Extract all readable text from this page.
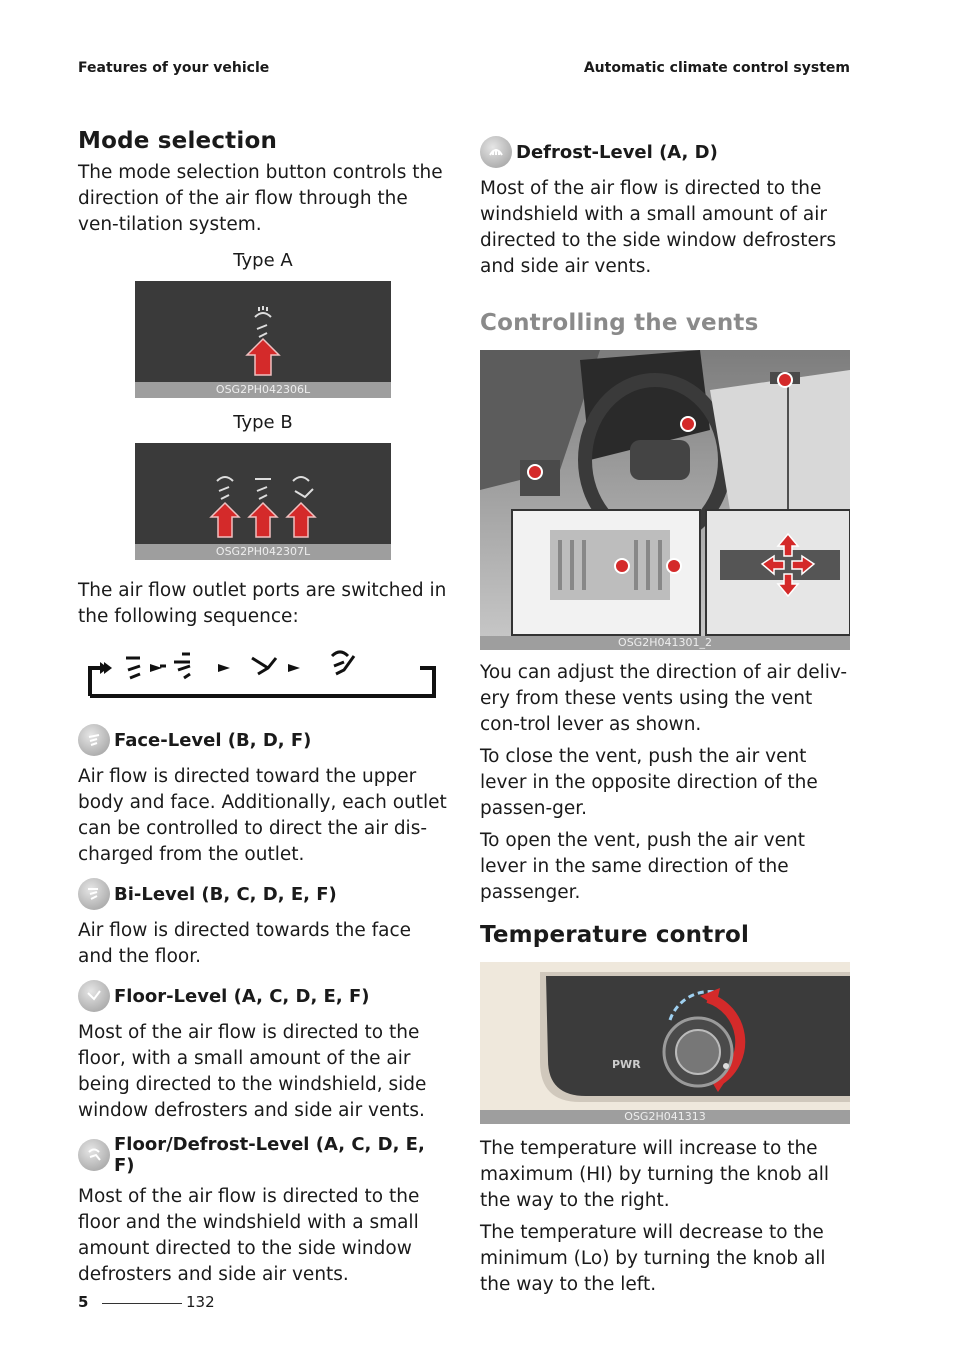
Features of your vehicle	Automatic climate control system
Mode selection

The mode selection button controls the direction of the air flow through the ven-tilation system.

Type A
OSG2PH042306L
Type B
OSG2PH042307L

The air flow outlet ports are switched in the following sequence:

Face-Level (B, D, F)

Air flow is directed toward the upper body and face. Additionally, each outlet can be controlled to direct the air dis-charged from the outlet.

Bi-Level (B, C, D, E, F)

Air flow is directed towards the face and the floor.

Floor-Level (A, C, D, E, F)

Most of the air flow is directed to the floor, with a small amount of the air being directed to the windshield, side window defrosters and side air vents.

Floor/Defrost-Level (A, C, D, E, F)

Most of the air flow is directed to the floor and the windshield with a small amount directed to the side window defrosters and side air vents.

Defrost-Level (A, D)

Most of the air flow is directed to the windshield with a small amount of air directed to the side window defrosters and side air vents.

Controlling the vents
OSG2H041301_2

You can adjust the direction of air deliv-ery from these vents using the vent con-trol lever as shown.

To close the vent, push the air vent lever in the opposite direction of the passen-ger.

To open the vent, push the air vent lever in the same direction of the passenger.

Temperature control
PWR
OSG2H041313

The temperature will increase to the maximum (HI) by turning the knob all the way to the right.

The temperature will decrease to the minimum (Lo) by turning the knob all the way to the left.

5	132
